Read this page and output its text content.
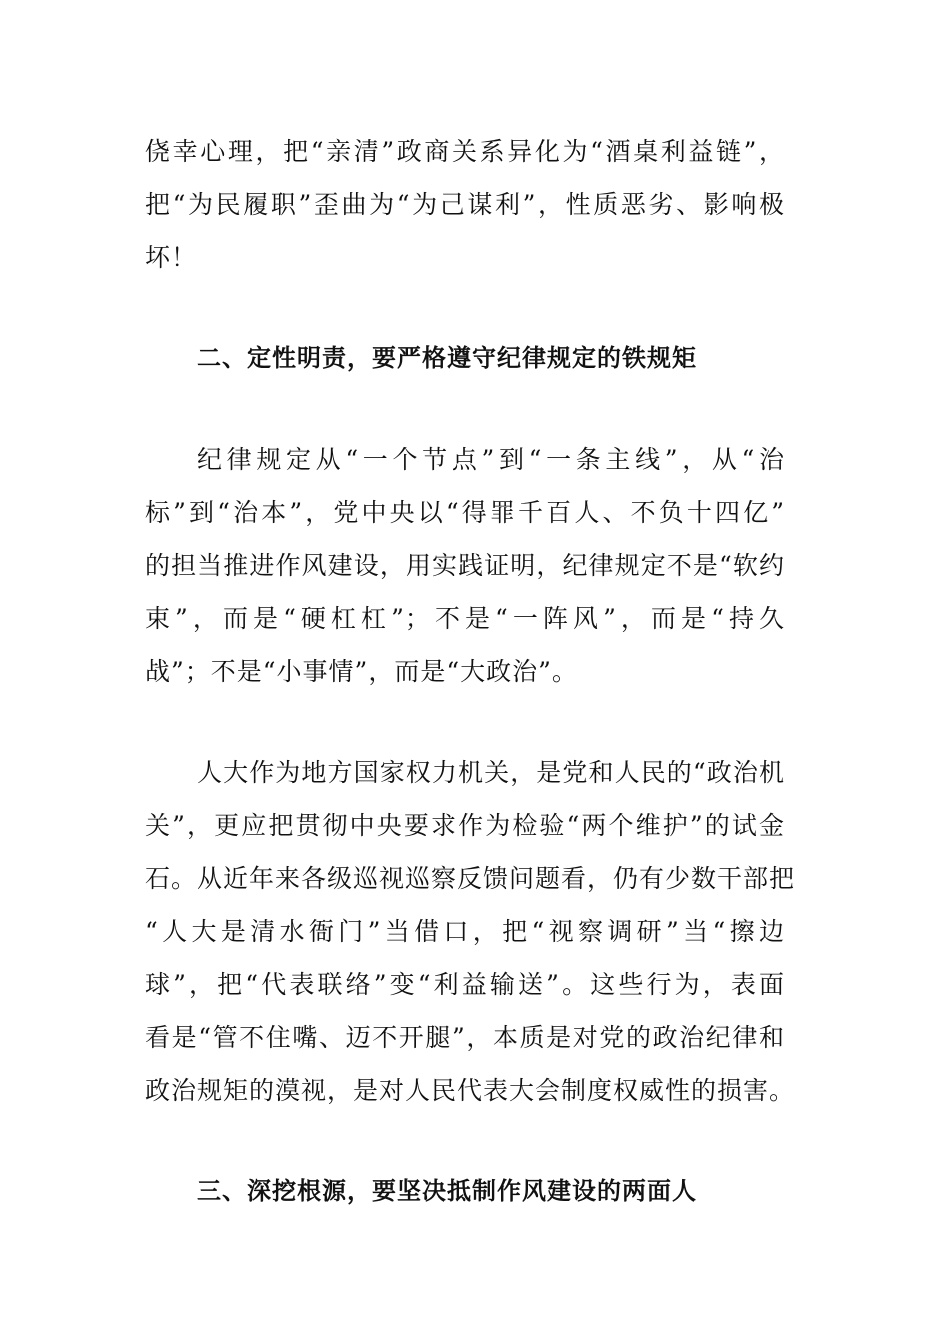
侥幸心理，把“亲清”政商关系异化为“酒桌利益链”，
把“为民履职”歪曲为“为己谋利”，性质恶劣、影响极
坏！
二、定性明责，要严格遵守纪律规定的铁规矩
纪律规定从“一个节点”到“一条主线”，从“治
标”到“治本”，党中央以“得罪千百人、不负十四亿”
的担当推进作风建设，用实践证明，纪律规定不是“软约
束”，而是“硬杠杠”；不是“一阵风”，而是“持久
战”；不是“小事情”，而是“大政治”。
人大作为地方国家权力机关，是党和人民的“政治机
关”，更应把贯彻中央要求作为检验“两个维护”的试金
石。从近年来各级巡视巡察反馈问题看，仍有少数干部把
“人大是清水衙门”当借口，把“视察调研”当“擦边
球”，把“代表联络”变“利益输送”。这些行为，表面
看是“管不住嘴、迈不开腿”，本质是对党的政治纪律和
政治规矩的漠视，是对人民代表大会制度权威性的损害。
三、深挖根源，要坚决抵制作风建设的两面人
